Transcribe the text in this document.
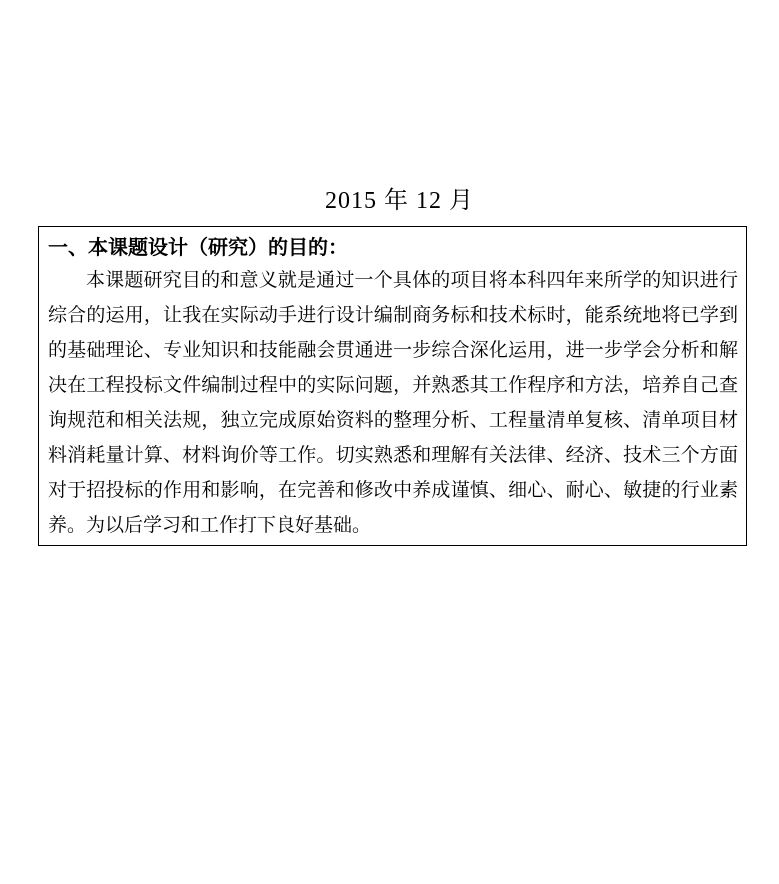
2015 年 12 月
一、本课题设计（研究）的目的：

本课题研究目的和意义就是通过一个具体的项目将本科四年来所学的知识进行综合的运用，让我在实际动手进行设计编制商务标和技术标时，能系统地将已学到的基础理论、专业知识和技能融会贯通进一步综合深化运用，进一步学会分析和解决在工程投标文件编制过程中的实际问题，并熟悉其工作程序和方法，培养自己查询规范和相关法规，独立完成原始资料的整理分析、工程量清单复核、清单项目材料消耗量计算、材料询价等工作。切实熟悉和理解有关法律、经济、技术三个方面对于招投标的作用和影响，在完善和修改中养成谨慎、细心、耐心、敏捷的行业素养。为以后学习和工作打下良好基础。
